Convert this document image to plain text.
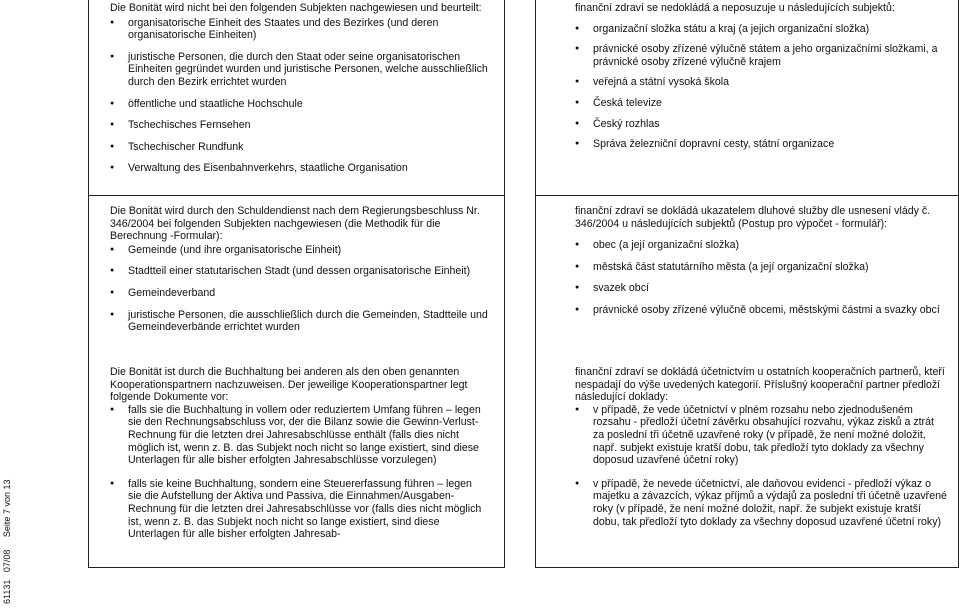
61131   07/08     Seite 7 von 13

Die Bonität wird nicht bei den folgenden Subjekten nachgewiesen und beurteilt:

● organisatorische Einheit des Staates und des Bezirkes (und deren organisatorische Einheiten)
● juristische Personen, die durch den Staat oder seine organisatorischen Einheiten gegründet wurden und juristische Personen, welche ausschließlich durch den Bezirk errichtet wurden
● öffentliche und staatliche Hochschule
● Tschechisches Fernsehen
● Tschechischer Rundfunk
● Verwaltung des Eisenbahnverkehrs, staatliche Organisation

finanční zdraví se nedokládá a neposuzuje u následujících subjektů:

● organizační složka státu a kraj (a jejich organizační složka)
● právnické osoby zřízené výlučně státem a jeho organizačními složkami, a právnické osoby zřízené výlučně krajem
● veřejná a státní vysoká škola
● Česká televize
● Český rozhlas
● Správa železniční dopravní cesty, státní organizace

Die Bonität wird durch den Schuldendienst nach dem Regierungsbeschluss Nr. 346/2004 bei folgenden Subjekten nachgewiesen (die Methodik für die Berechnung -Formular):

● Gemeinde (und ihre organisatorische Einheit)
● Stadtteil einer statutarischen Stadt (und dessen organisatorische Einheit)
● Gemeindeverband
● juristische Personen, die ausschließlich durch die Gemeinden, Stadtteile und Gemeindeverbände errichtet wurden

finanční zdraví se dokládá ukazatelem dluhové služby dle usnesení vlády č. 346/2004 u následujících subjektů (Postup pro výpočet - formulář):

● obec (a její organizační složka)
● městská část statutárního města (a její organizační složka)
● svazek obcí
● právnické osoby zřízené výlučně obcemi, městskými částmi a svazky obcí

Die Bonität ist durch die Buchhaltung bei anderen als den oben genannten Kooperationspartnern nachzuweisen. Der jeweilige Kooperationspartner legt folgende Dokumente vor:

● falls sie die Buchhaltung in vollem oder reduziertem Umfang führen – legen sie den Rechnungsabschluss vor, der die Bilanz sowie die Gewinn-Verlust-Rechnung für die letzten drei Jahresabschlüsse enthält (falls dies nicht möglich ist, wenn z. B. das Subjekt noch nicht so lange existiert, sind diese Unterlagen für alle bisher erfolgten Jahresabschlüsse vorzulegen)
● falls sie keine Buchhaltung, sondern eine Steuererfassung führen – legen sie die Aufstellung der Aktiva und Passiva, die Einnahmen/Ausgaben-Rechnung für die letzten drei Jahresabschlüsse vor (falls dies nicht möglich ist, wenn z. B. das Subjekt noch nicht so lange existiert, sind diese Unterlagen für alle bisher erfolgten Jahresab-

finanční zdraví se dokládá účetnictvím u ostatních kooperačních partnerů, kteří nespadají do výše uvedených kategorií. Příslušný kooperační partner předloží následující doklady:

● v případě, že vede účetnictví v plném rozsahu nebo zjednodušeném rozsahu - předloží účetní závěrku obsahující rozvahu, výkaz zisků a ztrát za poslední tři účetně uzavřené roky (v případě, že není možné doložit, např. subjekt existuje kratší dobu, tak předloží tyto doklady za všechny doposud uzavřené účetní roky)
● v případě, že nevede účetnictví, ale daňovou evidenci - předloží výkaz o majetku a závazcích, výkaz příjmů a výdajů za poslední tři účetně uzavřené roky (v případě, že není možné doložit, např. že subjekt existuje kratší dobu, tak předloží tyto doklady za všechny doposud uzavřené účetní roky)
